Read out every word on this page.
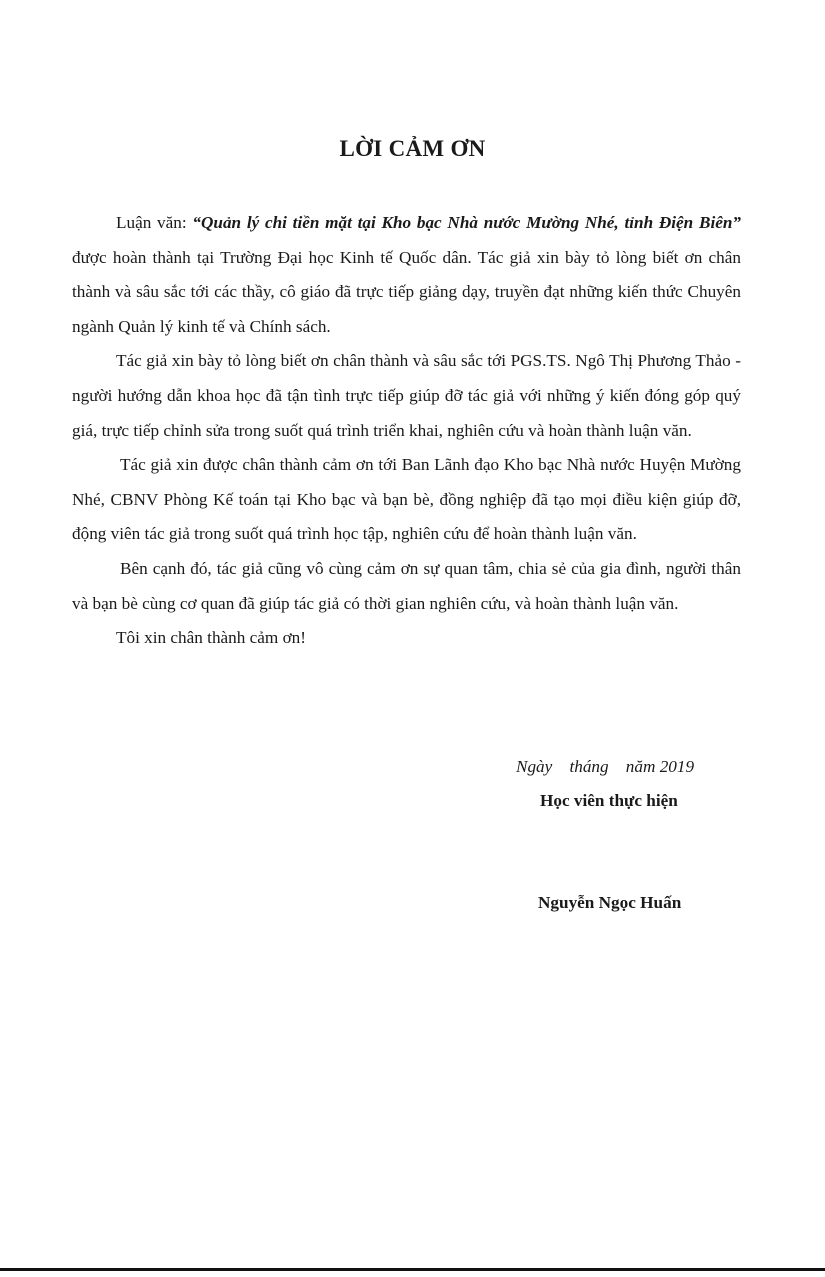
LỜI CẢM ƠN

Luận văn: “Quản lý chi tiền mặt tại Kho bạc Nhà nước Mường Nhé, tỉnh Điện Biên” được hoàn thành tại Trường Đại học Kinh tế Quốc dân. Tác giả xin bày tỏ lòng biết ơn chân thành và sâu sắc tới các thầy, cô giáo đã trực tiếp giảng dạy, truyền đạt những kiến thức Chuyên ngành Quản lý kinh tế và Chính sách.

Tác giả xin bày tỏ lòng biết ơn chân thành và sâu sắc tới PGS.TS. Ngô Thị Phương Thảo - người hướng dẫn khoa học đã tận tình trực tiếp giúp đỡ tác giả với những ý kiến đóng góp quý giá, trực tiếp chỉnh sửa trong suốt quá trình triển khai, nghiên cứu và hoàn thành luận văn.

Tác giả xin được chân thành cảm ơn tới Ban Lãnh đạo Kho bạc Nhà nước Huyện Mường Nhé, CBNV Phòng Kế toán tại Kho bạc và bạn bè, đồng nghiệp đã tạo mọi điều kiện giúp đỡ, động viên tác giả trong suốt quá trình học tập, nghiên cứu để hoàn thành luận văn.

Bên cạnh đó, tác giả cũng vô cùng cảm ơn sự quan tâm, chia sẻ của gia đình, người thân và bạn bè cùng cơ quan đã giúp tác giả có thời gian nghiên cứu, và hoàn thành luận văn.

Tôi xin chân thành cảm ơn!

Ngày    tháng    năm 2019
Học viên thực hiện
Nguyễn Ngọc Huấn
